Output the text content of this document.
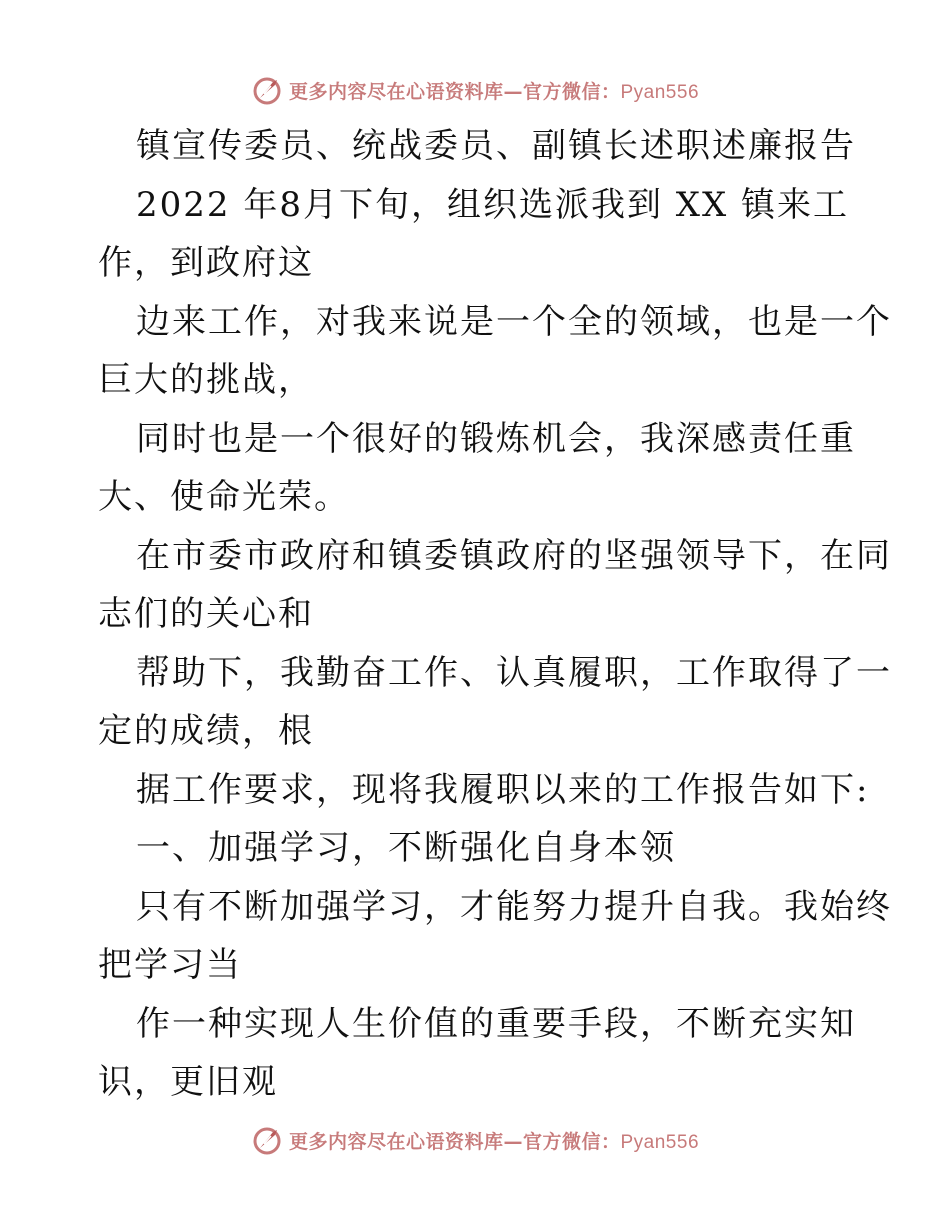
更多内容尽在心语资料库—官方微信：Pyan556
镇宣传委员、统战委员、副镇长述职述廉报告
2022 年8月下旬，组织选派我到 XX 镇来工
作，到政府这
边来工作，对我来说是一个全的领域，也是一个
巨大的挑战，
同时也是一个很好的锻炼机会，我深感责任重
大、使命光荣。
在市委市政府和镇委镇政府的坚强领导下，在同
志们的关心和
帮助下，我勤奋工作、认真履职，工作取得了一
定的成绩，根
据工作要求，现将我履职以来的工作报告如下:
一、加强学习，不断强化自身本领
只有不断加强学习，才能努力提升自我。我始终
把学习当
作一种实现人生价值的重要手段，不断充实知
识，更旧观
更多内容尽在心语资料库—官方微信：Pyan556
